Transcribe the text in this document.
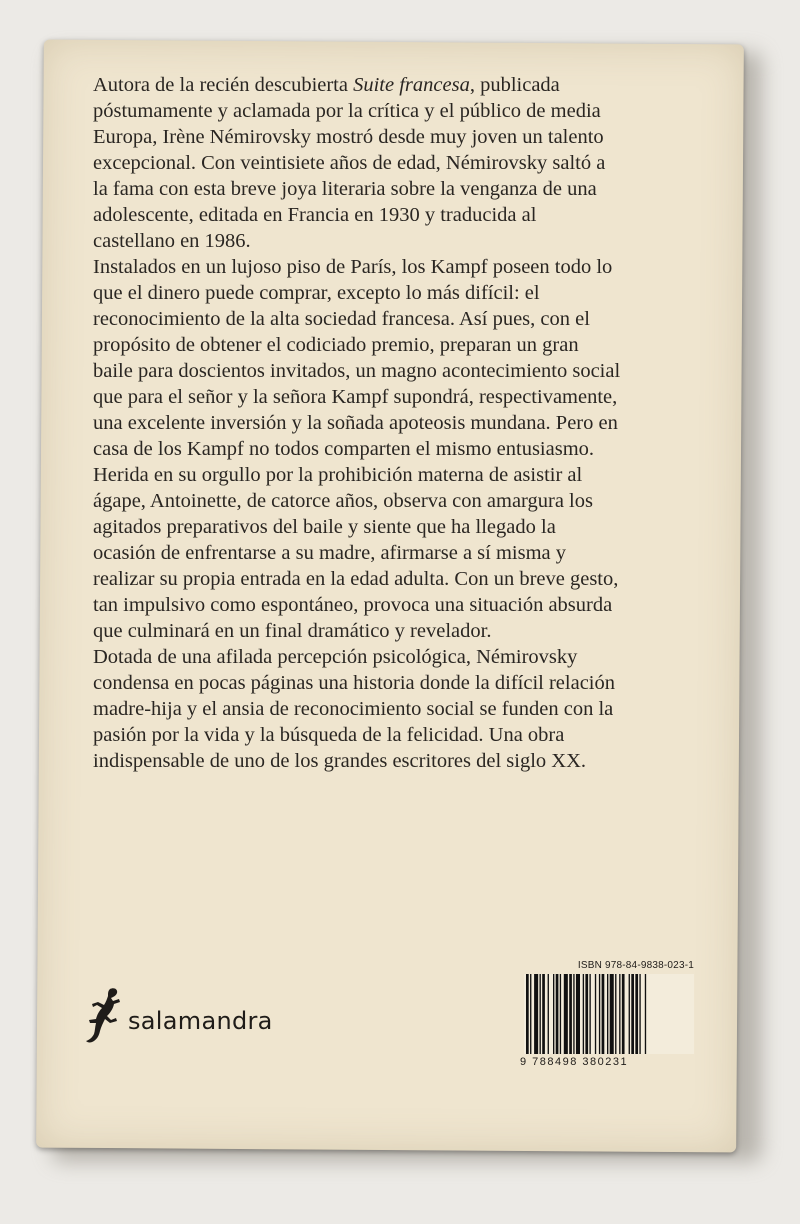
Autora de la recién descubierta Suite francesa, publicada póstumamente y aclamada por la crítica y el público de media Europa, Irène Némirovsky mostró desde muy joven un talento excepcional. Con veintisiete años de edad, Némirovsky saltó a la fama con esta breve joya literaria sobre la venganza de una adolescente, editada en Francia en 1930 y traducida al castellano en 1986.

Instalados en un lujoso piso de París, los Kampf poseen todo lo que el dinero puede comprar, excepto lo más difícil: el reconocimiento de la alta sociedad francesa. Así pues, con el propósito de obtener el codiciado premio, preparan un gran baile para doscientos invitados, un magno acontecimiento social que para el señor y la señora Kampf supondrá, respectivamente, una excelente inversión y la soñada apoteosis mundana. Pero en casa de los Kampf no todos comparten el mismo entusiasmo. Herida en su orgullo por la prohibición materna de asistir al ágape, Antoinette, de catorce años, observa con amargura los agitados preparativos del baile y siente que ha llegado la ocasión de enfrentarse a su madre, afirmarse a sí misma y realizar su propia entrada en la edad adulta. Con un breve gesto, tan impulsivo como espontáneo, provoca una situación absurda que culminará en un final dramático y revelador.

Dotada de una afilada percepción psicológica, Némirovsky condensa en pocas páginas una historia donde la difícil relación madre-hija y el ansia de reconocimiento social se funden con la pasión por la vida y la búsqueda de la felicidad. Una obra indispensable de uno de los grandes escritores del siglo XX.

salamandra
ISBN 978-84-9838-023-1
9 788498 380231
